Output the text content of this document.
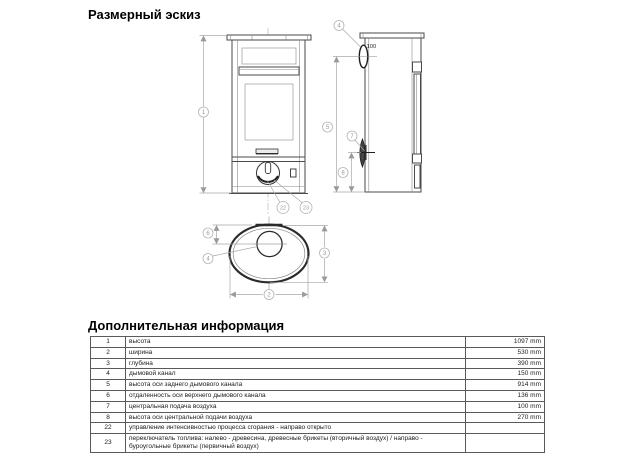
Размерный эскиз
1
22	23
100
4
5
7
8
6
4
3
2
Дополнительная информация
1	высота	1097 mm
2	ширина	530 mm
3	глубина	390 mm
4	дымовой канал	150 mm
5	высота оси заднего дымового канала	914 mm
6	отдаленность оси верхнего дымового канала	136 mm
7	центральная подача воздуха	100 mm
8	высота оси центральной подачи воздуха	270 mm
22	управление интенсивностью процесса сгорания - направо открыто	
23	переключатель топлива: налево - древесина, древесные брикеты (вторичный воздух) / направо - буроугольные брикеты (первичный воздух)	
